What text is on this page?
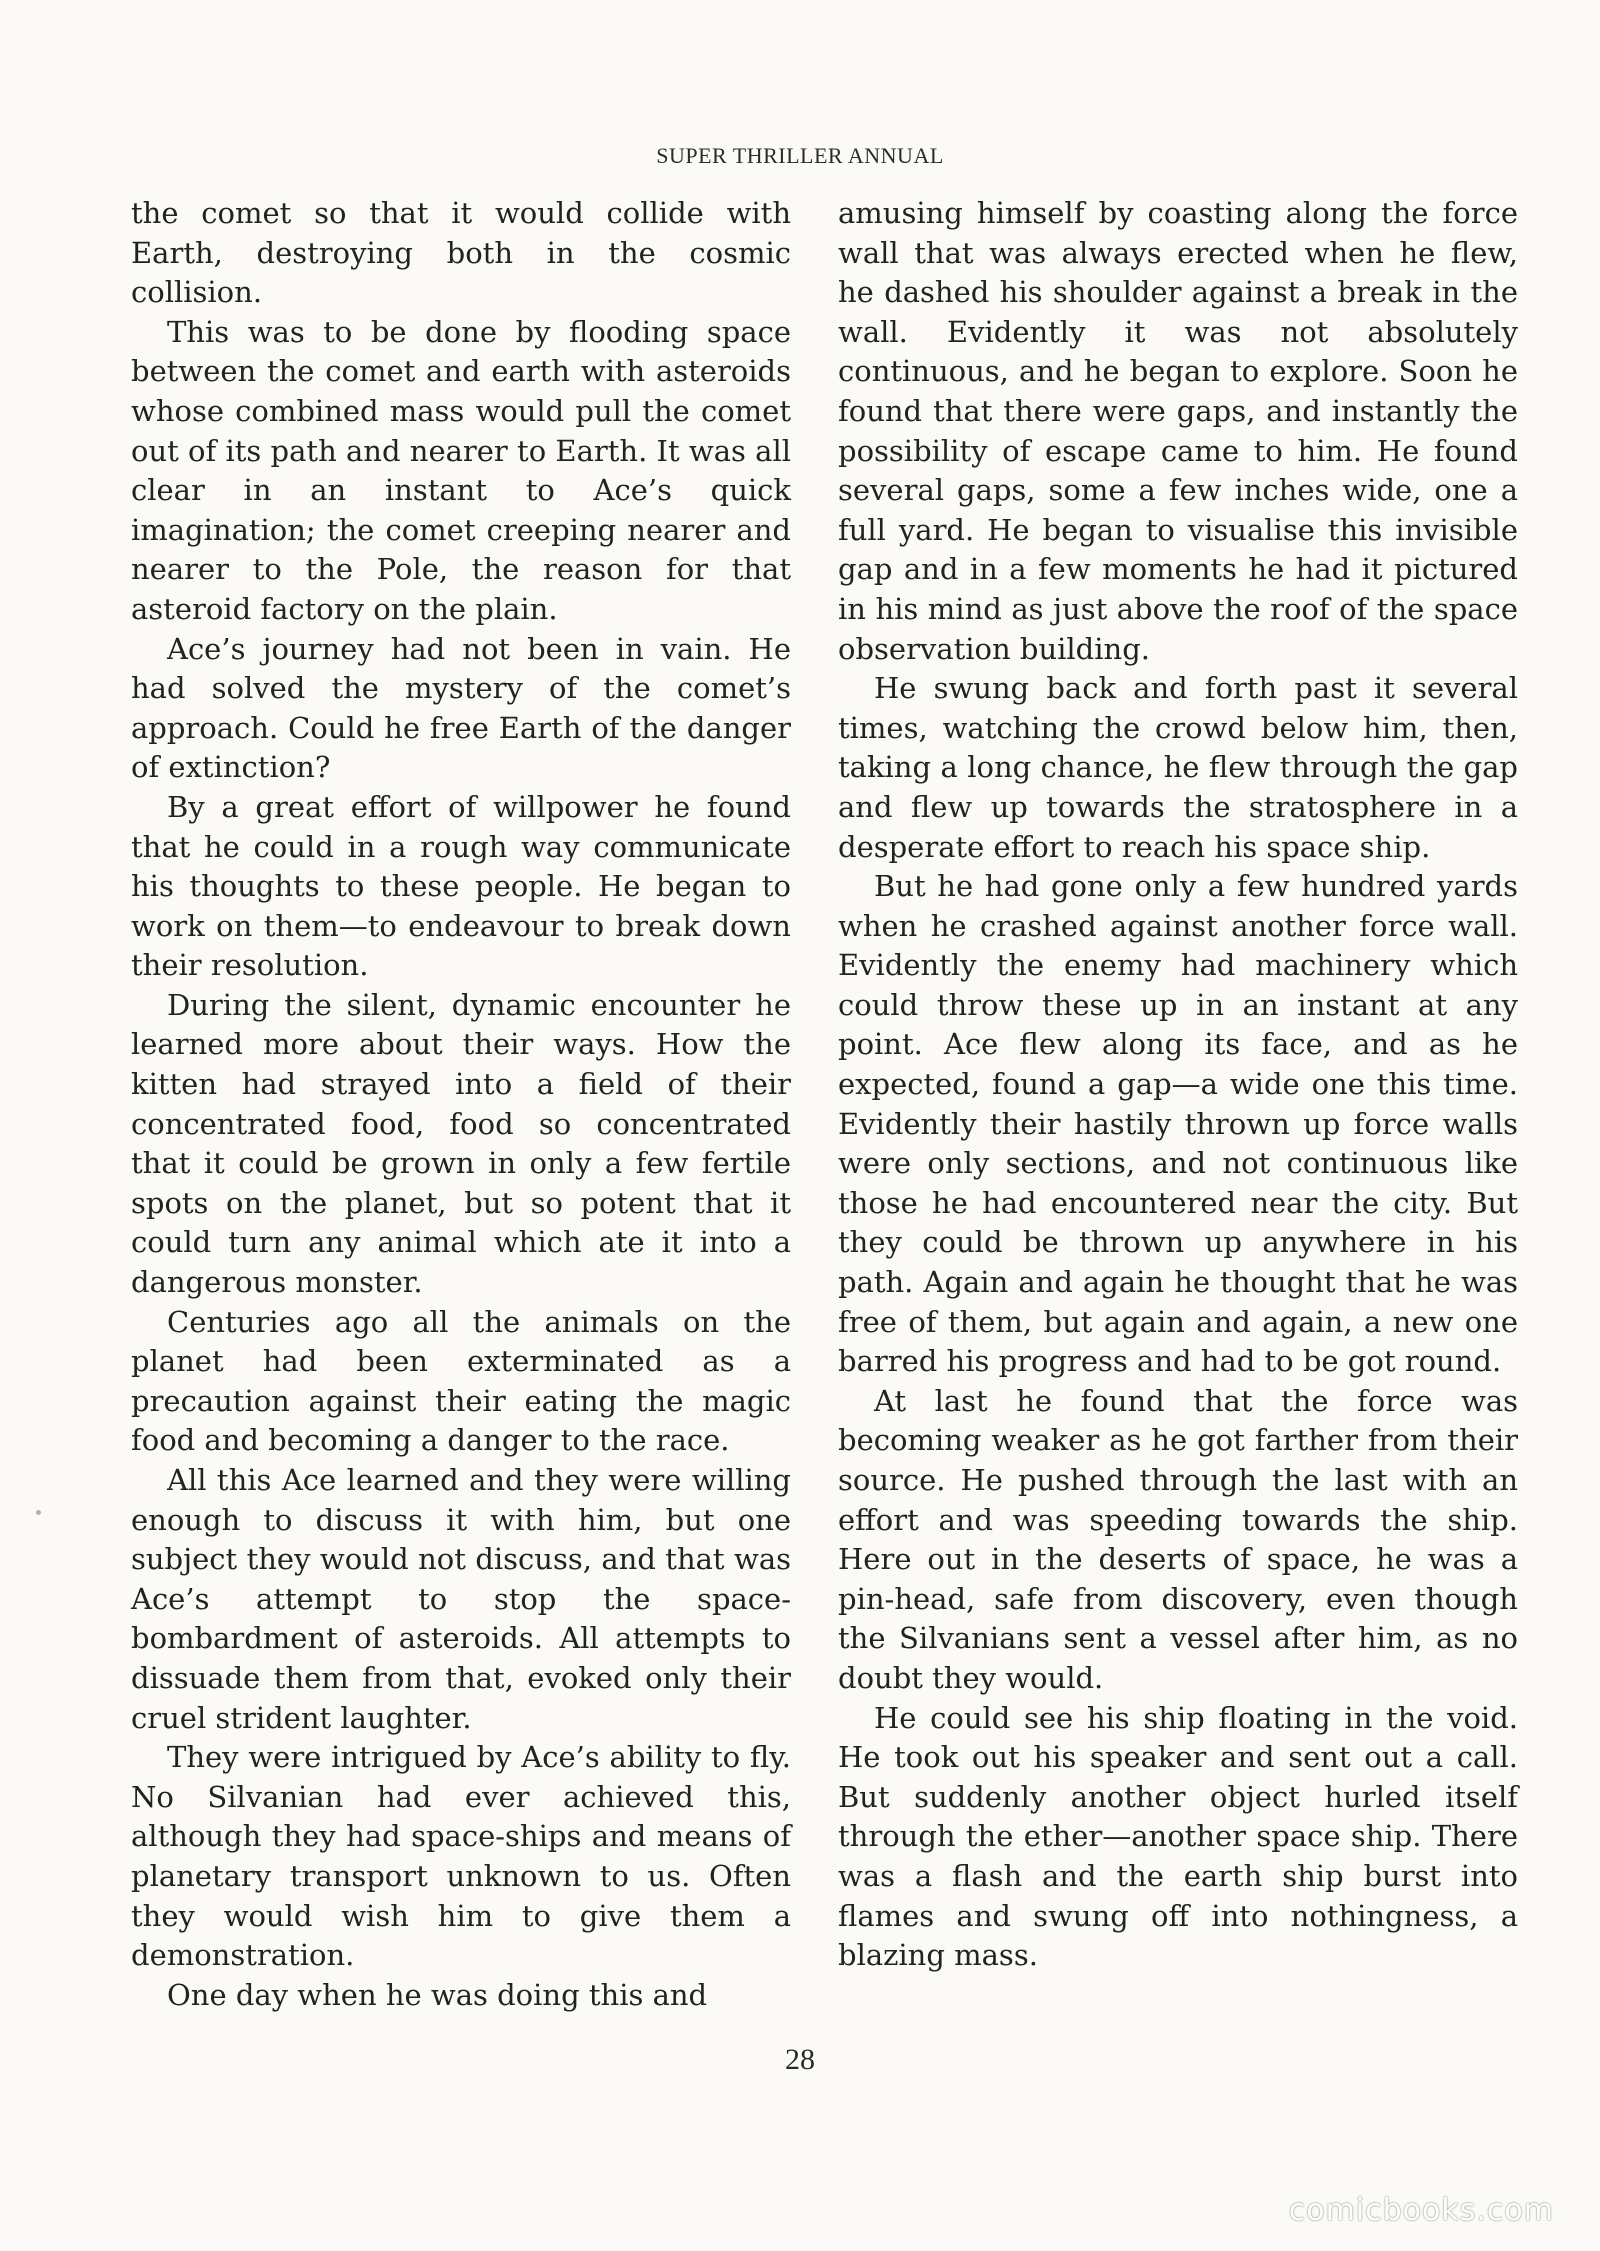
SUPER THRILLER ANNUAL

the comet so that it would collide with Earth, destroying both in the cosmic collision.

This was to be done by flooding space between the comet and earth with asteroids whose combined mass would pull the comet out of its path and nearer to Earth. It was all clear in an instant to Ace’s quick imagination; the comet creeping nearer and nearer to the Pole, the reason for that asteroid factory on the plain.

Ace’s journey had not been in vain. He had solved the mystery of the comet’s approach. Could he free Earth of the danger of extinction?

By a great effort of willpower he found that he could in a rough way communicate his thoughts to these people. He began to work on them—to endeavour to break down their resolution.

During the silent, dynamic encounter he learned more about their ways. How the kitten had strayed into a field of their concentrated food, food so concentrated that it could be grown in only a few fertile spots on the planet, but so potent that it could turn any animal which ate it into a dangerous monster.

Centuries ago all the animals on the planet had been exterminated as a precaution against their eating the magic food and becoming a danger to the race.

All this Ace learned and they were willing enough to discuss it with him, but one subject they would not discuss, and that was Ace’s attempt to stop the space-bombardment of asteroids. All attempts to dissuade them from that, evoked only their cruel strident laughter.

They were intrigued by Ace’s ability to fly. No Silvanian had ever achieved this, although they had space-ships and means of planetary transport unknown to us. Often they would wish him to give them a demonstration.

One day when he was doing this and

amusing himself by coasting along the force wall that was always erected when he flew, he dashed his shoulder against a break in the wall. Evidently it was not absolutely continuous, and he began to explore. Soon he found that there were gaps, and instantly the possibility of escape came to him. He found several gaps, some a few inches wide, one a full yard. He began to visualise this invisible gap and in a few moments he had it pictured in his mind as just above the roof of the space observation building.

He swung back and forth past it several times, watching the crowd below him, then, taking a long chance, he flew through the gap and flew up towards the stratosphere in a desperate effort to reach his space ship.

But he had gone only a few hundred yards when he crashed against another force wall. Evidently the enemy had machinery which could throw these up in an instant at any point. Ace flew along its face, and as he expected, found a gap—a wide one this time. Evidently their hastily thrown up force walls were only sections, and not continuous like those he had encountered near the city. But they could be thrown up anywhere in his path. Again and again he thought that he was free of them, but again and again, a new one barred his progress and had to be got round.

At last he found that the force was becoming weaker as he got farther from their source. He pushed through the last with an effort and was speeding towards the ship. Here out in the deserts of space, he was a pin-head, safe from discovery, even though the Silvanians sent a vessel after him, as no doubt they would.

He could see his ship floating in the void. He took out his speaker and sent out a call. But suddenly another object hurled itself through the ether—another space ship. There was a flash and the earth ship burst into flames and swung off into nothingness, a blazing mass.

28
comicbooks.com
